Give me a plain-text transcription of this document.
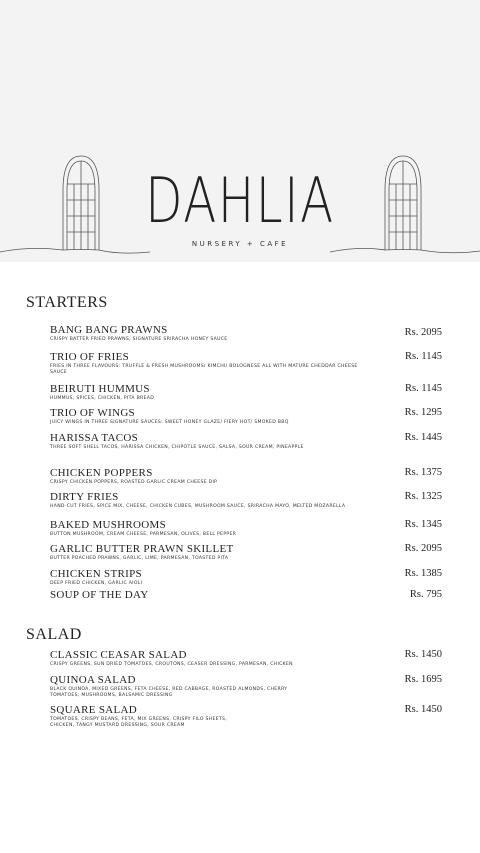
DAHLIA
NURSERY + CAFE
STARTERS
BANG BANG PRAWNS
CRISPY BATTER FRIED PRAWNS, SIGNATURE SRIRACHA HONEY SAUCE
Rs. 2095
TRIO OF FRIES
FRIES IN THREE FLAVOURS: TRUFFLE & FRESH MUSHROOMS/ KIMCHI/ BOLOGNESE ALL WITH MATURE CHEDDAR CHEESE SAUCE
Rs. 1145
BEIRUTI HUMMUS
HUMMUS, SPICES, CHICKEN, PITA BREAD
Rs. 1145
TRIO OF WINGS
JUICY WINGS IN THREE SIGNATURE SAUCES: SWEET HONEY GLAZE/ FIERY HOT/ SMOKED BBQ
Rs. 1295
HARISSA TACOS
THREE SOFT SHELL TACOS, HARISSA CHICKEN, CHIPOTLE SAUCE, SALSA, SOUR CREAM, PINEAPPLE
Rs. 1445
CHICKEN POPPERS
CRISPY CHICKEN POPPERS, ROASTED GARLIC CREAM CHEESE DIP
Rs. 1375
DIRTY FRIES
HAND-CUT FRIES, SPICE MIX, CHEESE, CHICKEN CUBES, MUSHROOM SAUCE, SRIRACHA MAYO, MELTED MOZARELLA
Rs. 1325
BAKED MUSHROOMS
BUTTON MUSHROOM, CREAM CHEESE, PARMESAN, OLIVES, BELL PEPPER
Rs. 1345
GARLIC BUTTER PRAWN SKILLET
BUTTER POACHED PRAWNS, GARLIC, LIME, PARMESAN, TOASTED PITA
Rs. 2095
CHICKEN STRIPS
DEEP FRIED CHICKEN, GARLIC AIOLI
Rs. 1385
SOUP OF THE DAY	Rs. 795
SALAD
CLASSIC CEASAR SALAD
CRISPY GREENS, SUN DRIED TOMATOES, CROUTONS, CEASER DRESSING, PARMESAN, CHICKEN
Rs. 1450
QUINOA SALAD
BLACK QUINOA, MIXED GREENS, FETA CHEESE, RED CABBAGE, ROASTED ALMONDS, CHERRY TOMATOES, MUSHROOMS, BALSAMIC DRESSING
Rs. 1695
SQUARE SALAD
TOMATOES, CRISPY BEANS, FETA, MIX GREENS, CRISPY FILO SHEETS, CHICKEN, TANGY MUSTARD DRESSING, SOUR CREAM
Rs. 1450
